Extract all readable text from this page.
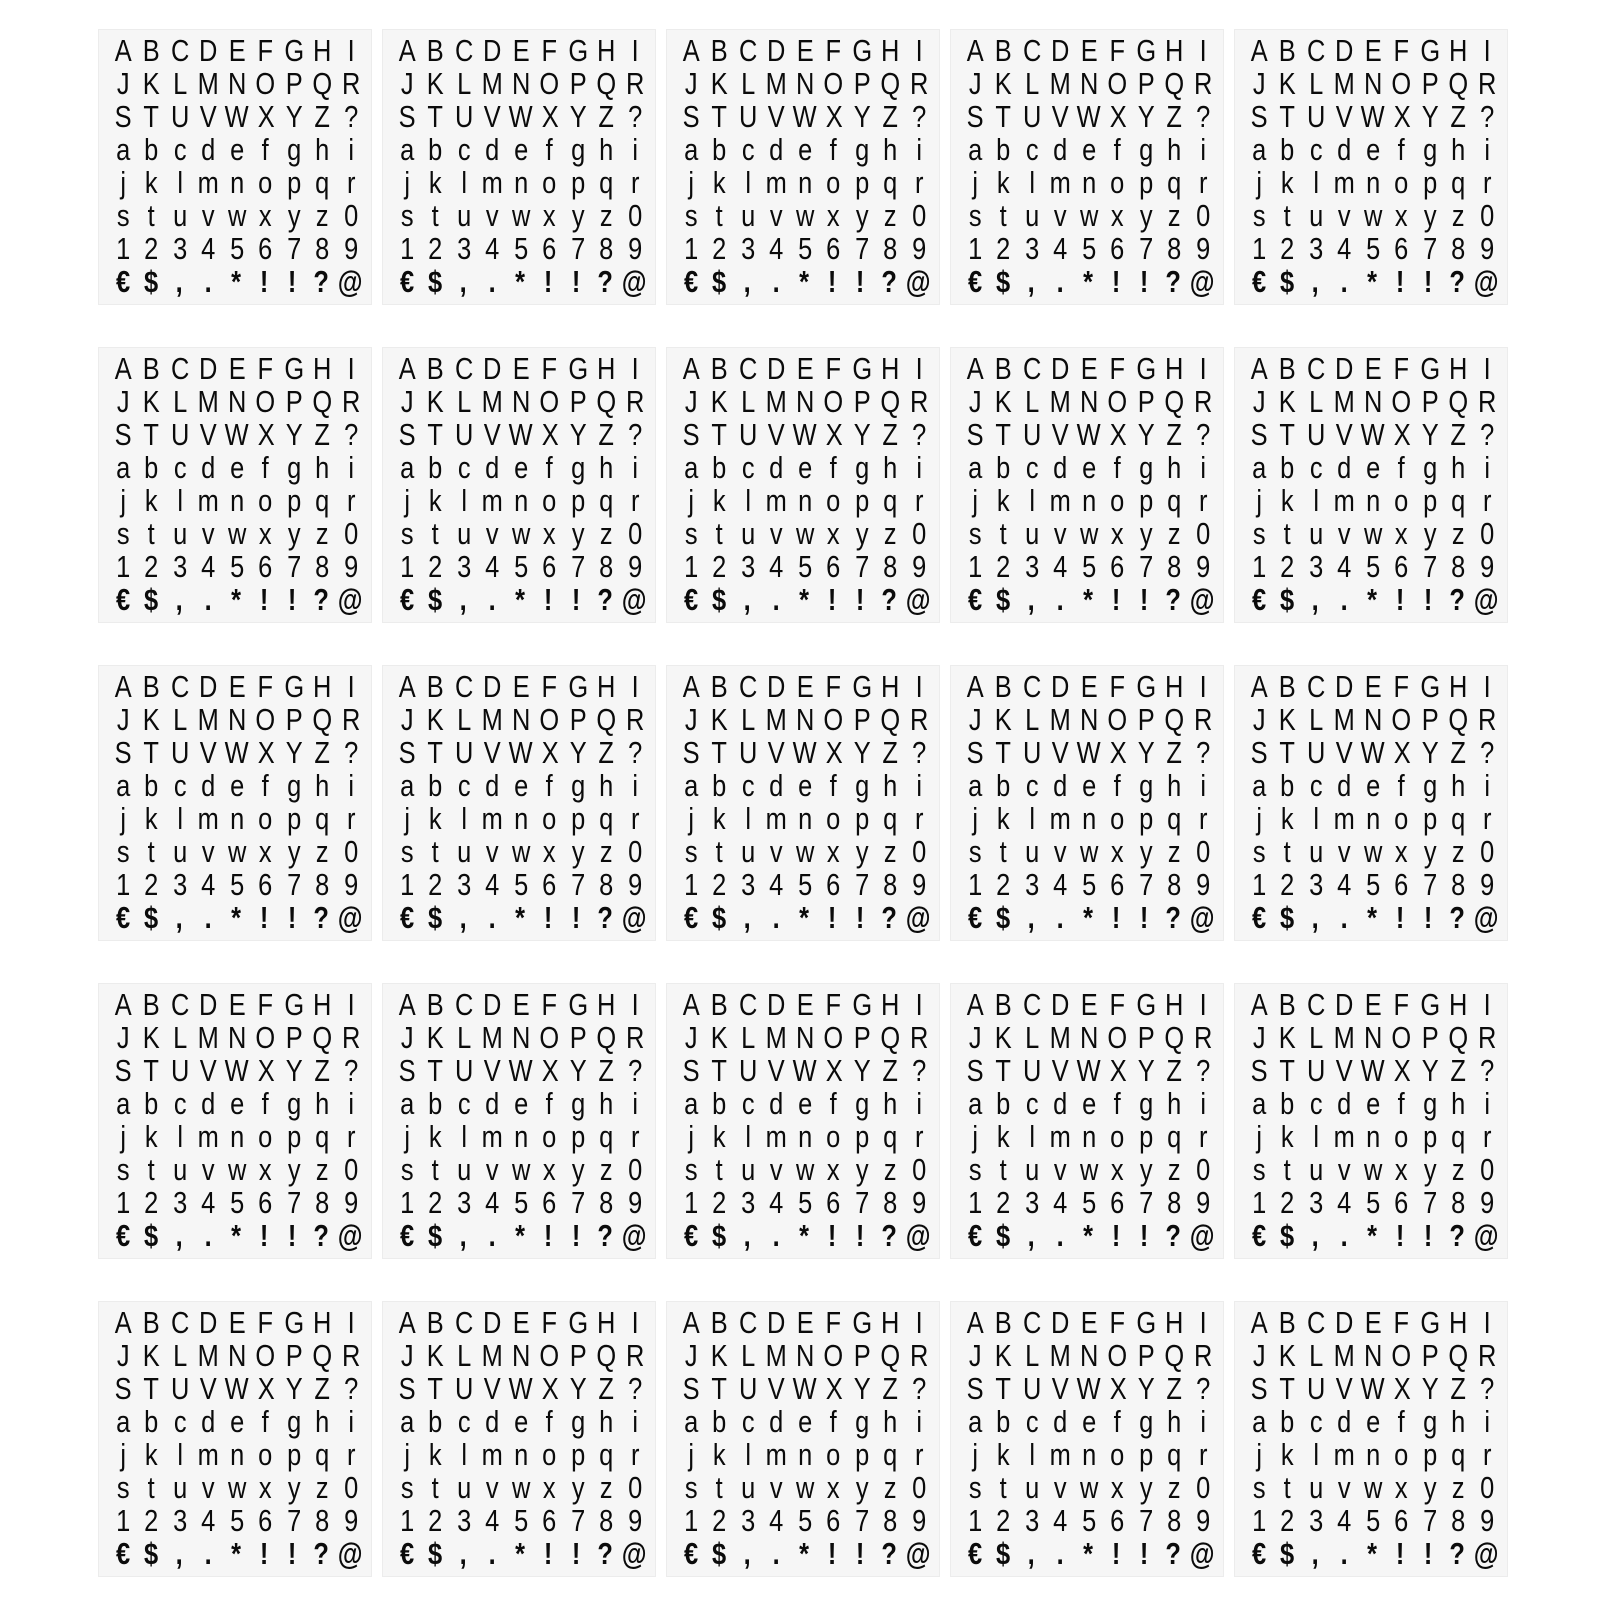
A B C D E F G H I
J K L M N O P Q R
S T U V W X Y Z ?
a b c d e f g h i
j k l m n o p q r
s t u v w x y z 0
1 2 3 4 5 6 7 8 9
€ $ , . * ! ! ? @
A B C D E F G H I
J K L M N O P Q R
S T U V W X Y Z ?
a b c d e f g h i
j k l m n o p q r
s t u v w x y z 0
1 2 3 4 5 6 7 8 9
€ $ , . * ! ! ? @
A B C D E F G H I
J K L M N O P Q R
S T U V W X Y Z ?
a b c d e f g h i
j k l m n o p q r
s t u v w x y z 0
1 2 3 4 5 6 7 8 9
€ $ , . * ! ! ? @
A B C D E F G H I
J K L M N O P Q R
S T U V W X Y Z ?
a b c d e f g h i
j k l m n o p q r
s t u v w x y z 0
1 2 3 4 5 6 7 8 9
€ $ , . * ! ! ? @
A B C D E F G H I
J K L M N O P Q R
S T U V W X Y Z ?
a b c d e f g h i
j k l m n o p q r
s t u v w x y z 0
1 2 3 4 5 6 7 8 9
€ $ , . * ! ! ? @
A B C D E F G H I
J K L M N O P Q R
S T U V W X Y Z ?
a b c d e f g h i
j k l m n o p q r
s t u v w x y z 0
1 2 3 4 5 6 7 8 9
€ $ , . * ! ! ? @
A B C D E F G H I
J K L M N O P Q R
S T U V W X Y Z ?
a b c d e f g h i
j k l m n o p q r
s t u v w x y z 0
1 2 3 4 5 6 7 8 9
€ $ , . * ! ! ? @
A B C D E F G H I
J K L M N O P Q R
S T U V W X Y Z ?
a b c d e f g h i
j k l m n o p q r
s t u v w x y z 0
1 2 3 4 5 6 7 8 9
€ $ , . * ! ! ? @
A B C D E F G H I
J K L M N O P Q R
S T U V W X Y Z ?
a b c d e f g h i
j k l m n o p q r
s t u v w x y z 0
1 2 3 4 5 6 7 8 9
€ $ , . * ! ! ? @
A B C D E F G H I
J K L M N O P Q R
S T U V W X Y Z ?
a b c d e f g h i
j k l m n o p q r
s t u v w x y z 0
1 2 3 4 5 6 7 8 9
€ $ , . * ! ! ? @
A B C D E F G H I
J K L M N O P Q R
S T U V W X Y Z ?
a b c d e f g h i
j k l m n o p q r
s t u v w x y z 0
1 2 3 4 5 6 7 8 9
€ $ , . * ! ! ? @
A B C D E F G H I
J K L M N O P Q R
S T U V W X Y Z ?
a b c d e f g h i
j k l m n o p q r
s t u v w x y z 0
1 2 3 4 5 6 7 8 9
€ $ , . * ! ! ? @
A B C D E F G H I
J K L M N O P Q R
S T U V W X Y Z ?
a b c d e f g h i
j k l m n o p q r
s t u v w x y z 0
1 2 3 4 5 6 7 8 9
€ $ , . * ! ! ? @
A B C D E F G H I
J K L M N O P Q R
S T U V W X Y Z ?
a b c d e f g h i
j k l m n o p q r
s t u v w x y z 0
1 2 3 4 5 6 7 8 9
€ $ , . * ! ! ? @
A B C D E F G H I
J K L M N O P Q R
S T U V W X Y Z ?
a b c d e f g h i
j k l m n o p q r
s t u v w x y z 0
1 2 3 4 5 6 7 8 9
€ $ , . * ! ! ? @
A B C D E F G H I
J K L M N O P Q R
S T U V W X Y Z ?
a b c d e f g h i
j k l m n o p q r
s t u v w x y z 0
1 2 3 4 5 6 7 8 9
€ $ , . * ! ! ? @
A B C D E F G H I
J K L M N O P Q R
S T U V W X Y Z ?
a b c d e f g h i
j k l m n o p q r
s t u v w x y z 0
1 2 3 4 5 6 7 8 9
€ $ , . * ! ! ? @
A B C D E F G H I
J K L M N O P Q R
S T U V W X Y Z ?
a b c d e f g h i
j k l m n o p q r
s t u v w x y z 0
1 2 3 4 5 6 7 8 9
€ $ , . * ! ! ? @
A B C D E F G H I
J K L M N O P Q R
S T U V W X Y Z ?
a b c d e f g h i
j k l m n o p q r
s t u v w x y z 0
1 2 3 4 5 6 7 8 9
€ $ , . * ! ! ? @
A B C D E F G H I
J K L M N O P Q R
S T U V W X Y Z ?
a b c d e f g h i
j k l m n o p q r
s t u v w x y z 0
1 2 3 4 5 6 7 8 9
€ $ , . * ! ! ? @
A B C D E F G H I
J K L M N O P Q R
S T U V W X Y Z ?
a b c d e f g h i
j k l m n o p q r
s t u v w x y z 0
1 2 3 4 5 6 7 8 9
€ $ , . * ! ! ? @
A B C D E F G H I
J K L M N O P Q R
S T U V W X Y Z ?
a b c d e f g h i
j k l m n o p q r
s t u v w x y z 0
1 2 3 4 5 6 7 8 9
€ $ , . * ! ! ? @
A B C D E F G H I
J K L M N O P Q R
S T U V W X Y Z ?
a b c d e f g h i
j k l m n o p q r
s t u v w x y z 0
1 2 3 4 5 6 7 8 9
€ $ , . * ! ! ? @
A B C D E F G H I
J K L M N O P Q R
S T U V W X Y Z ?
a b c d e f g h i
j k l m n o p q r
s t u v w x y z 0
1 2 3 4 5 6 7 8 9
€ $ , . * ! ! ? @
A B C D E F G H I
J K L M N O P Q R
S T U V W X Y Z ?
a b c d e f g h i
j k l m n o p q r
s t u v w x y z 0
1 2 3 4 5 6 7 8 9
€ $ , . * ! ! ? @
